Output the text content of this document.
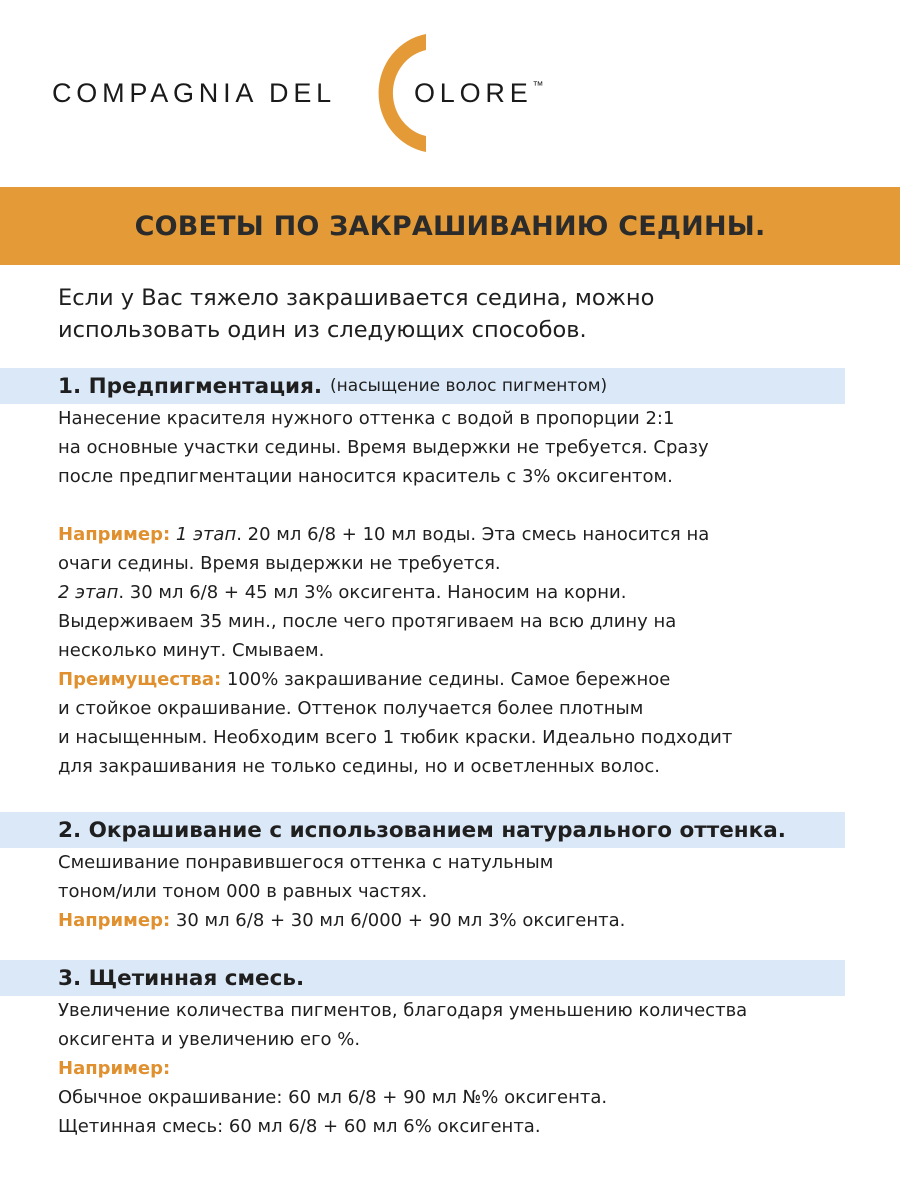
COMPAGNIA DEL	OLORE™
СОВЕТЫ ПО ЗАКРАШИВАНИЮ СЕДИНЫ.
Если у Вас тяжело закрашивается седина, можно
использовать один из следующих способов.
1. Предпигментация. (насыщение волос пигментом)
Нанесение красителя нужного оттенка с водой в пропорции 2:1
на основные участки седины. Время выдержки не требуется. Сразу
после предпигментации наносится краситель с 3% оксигентом.
Например: 1 этап. 20 мл 6/8 + 10 мл воды. Эта смесь наносится на
очаги седины. Время выдержки не требуется.
2 этап. 30 мл 6/8 + 45 мл 3% оксигента. Наносим на корни.
Выдерживаем 35 мин., после чего протягиваем на всю длину на
несколько минут. Смываем.
Преимущества: 100% закрашивание седины. Самое бережное
и стойкое окрашивание. Оттенок получается более плотным
и насыщенным. Необходим всего 1 тюбик краски. Идеально подходит
для закрашивания не только седины, но и осветленных волос.
2. Окрашивание с использованием натурального оттенка.
Смешивание понравившегося оттенка с натульным
тоном/или тоном 000 в равных частях.
Например: 30 мл 6/8 + 30 мл 6/000 + 90 мл 3% оксигента.
3. Щетинная смесь.
Увеличение количества пигментов, благодаря уменьшению количества
оксигента и увеличению его %.
Например:
Обычное окрашивание: 60 мл 6/8 + 90 мл №% оксигента.
Щетинная смесь: 60 мл 6/8 + 60 мл 6% оксигента.
